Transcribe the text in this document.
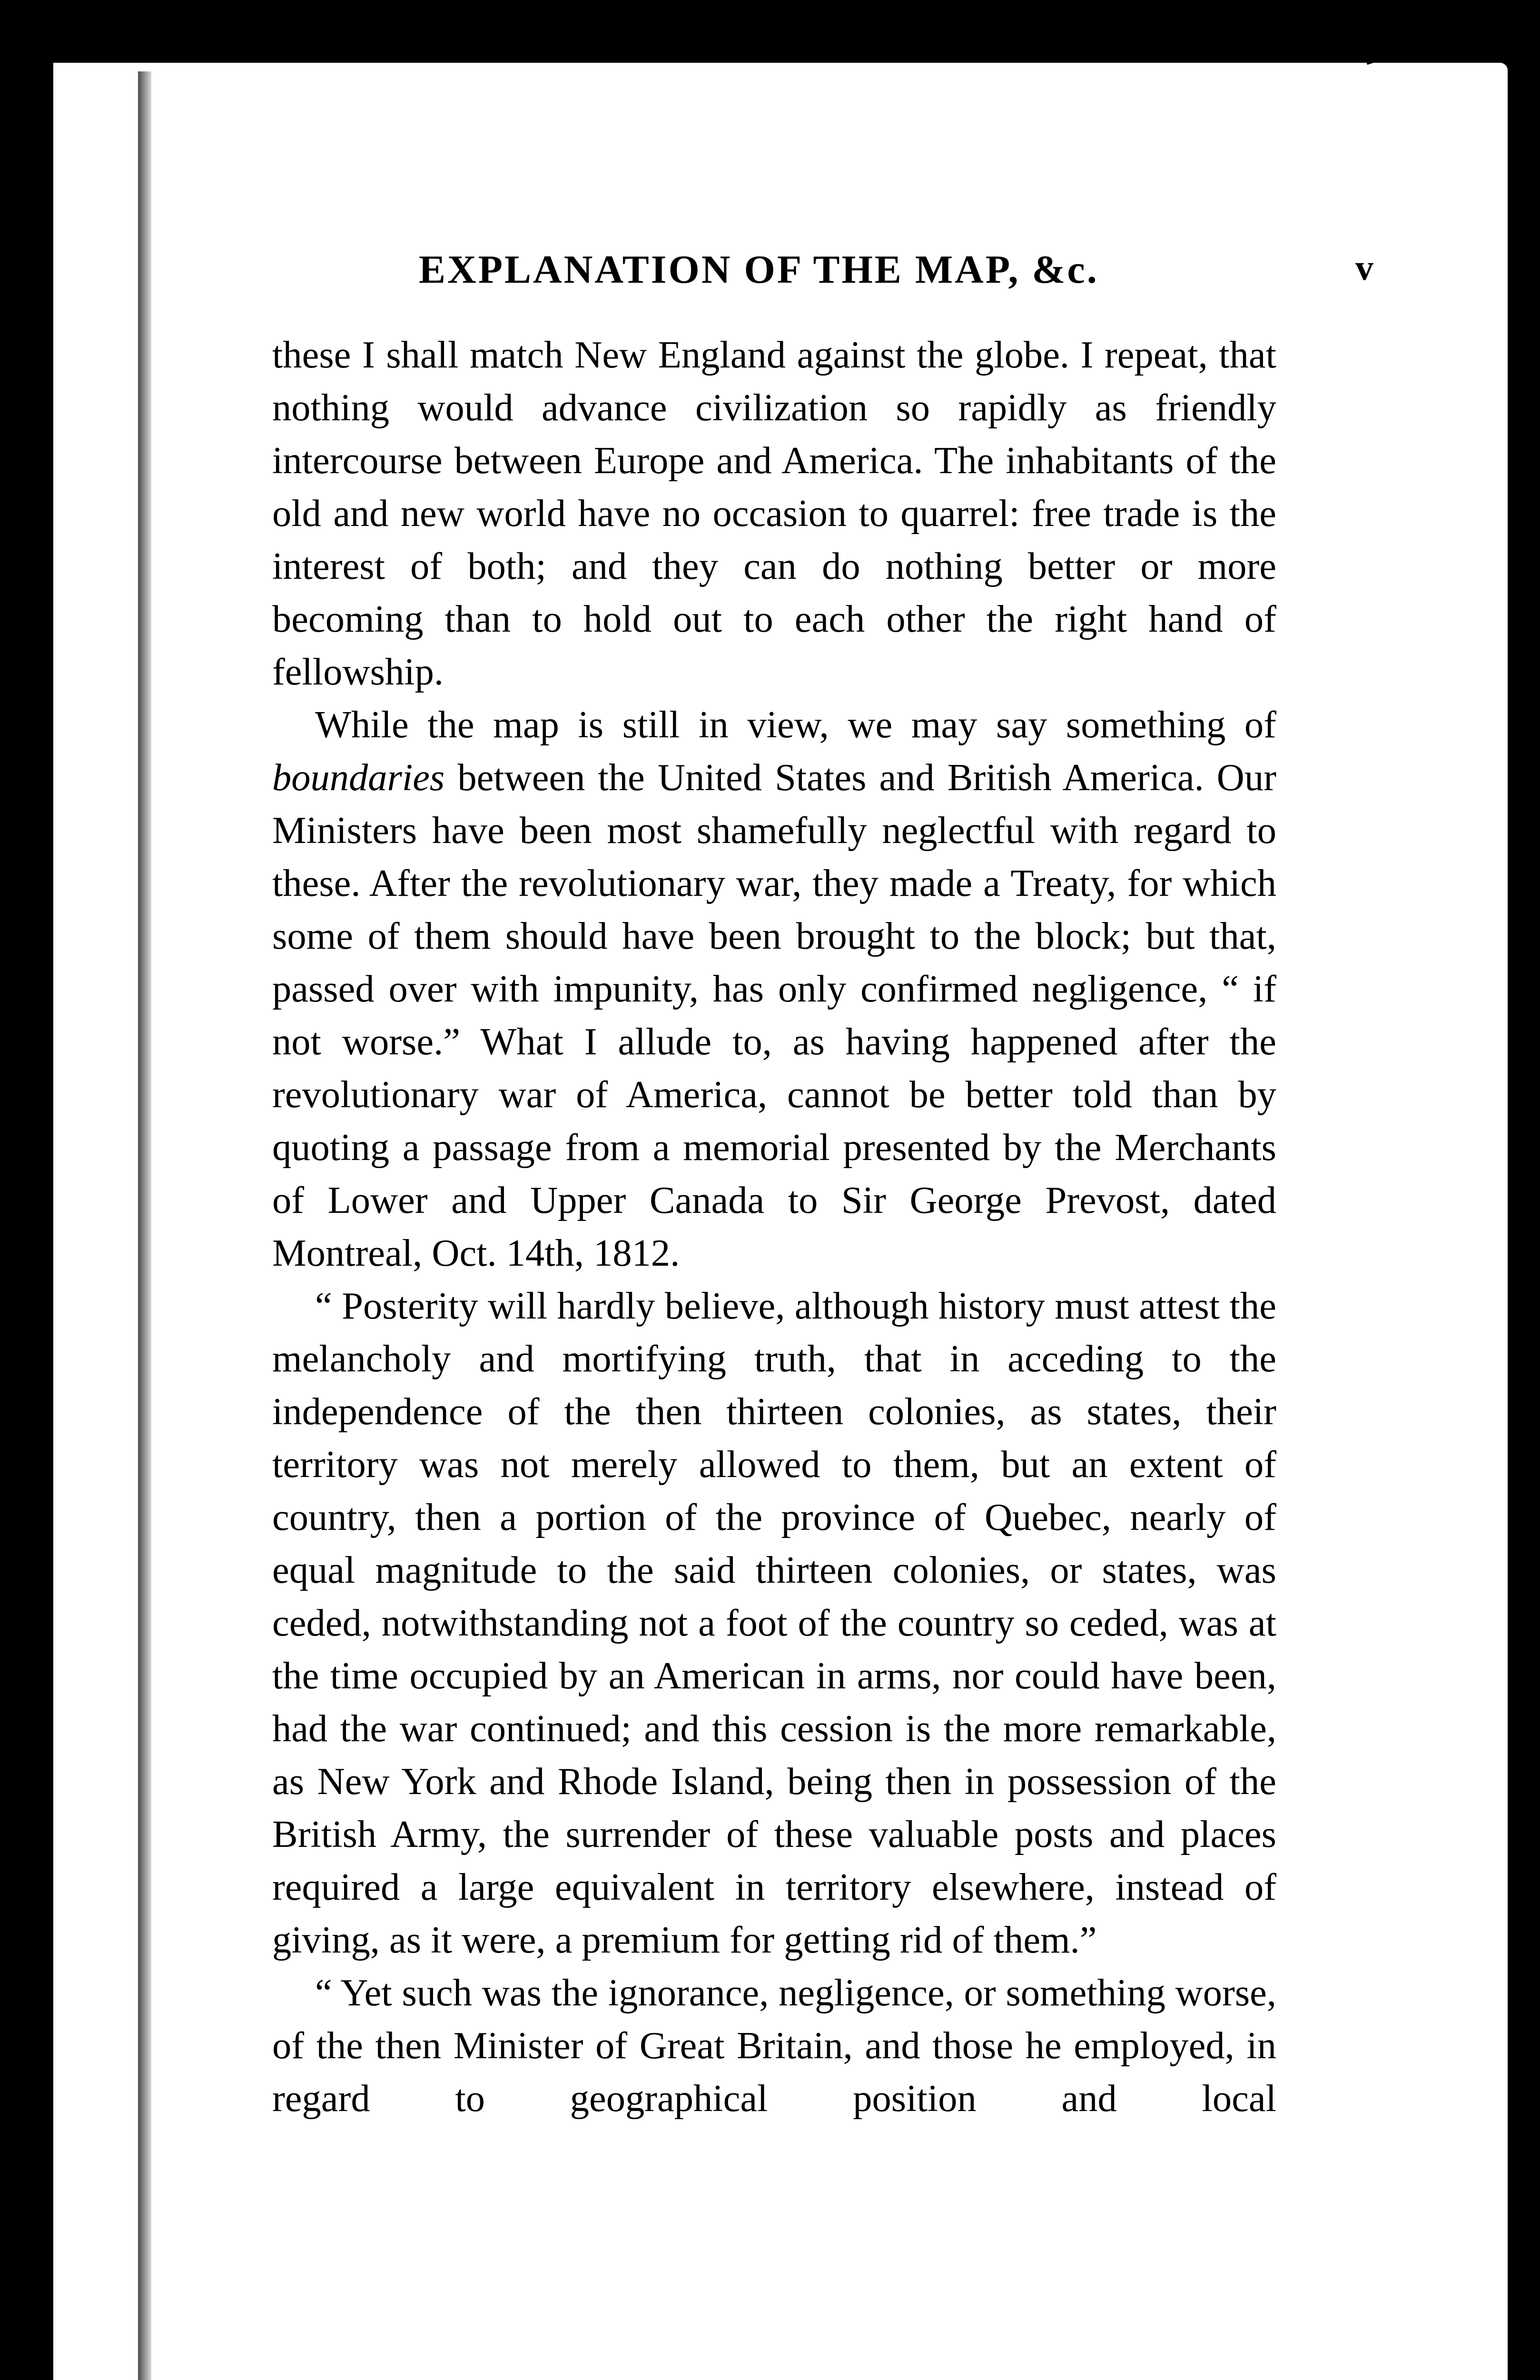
EXPLANATION OF THE MAP, &c.	v

these I shall match New England against the globe. I repeat, that nothing would advance civilization so rapidly as friendly intercourse between Europe and America. The inhabitants of the old and new world have no occasion to quarrel: free trade is the interest of both; and they can do nothing better or more becoming than to hold out to each other the right hand of fellowship.

While the map is still in view, we may say something of boundaries between the United States and British America. Our Ministers have been most shamefully neglectful with regard to these. After the revolutionary war, they made a Treaty, for which some of them should have been brought to the block; but that, passed over with impunity, has only confirmed negligence, “ if not worse.” What I allude to, as having happened after the revolutionary war of America, cannot be better told than by quoting a passage from a memorial presented by the Merchants of Lower and Upper Canada to Sir George Prevost, dated Montreal, Oct. 14th, 1812.

“ Posterity will hardly believe, although history must attest the melancholy and mortifying truth, that in acceding to the independence of the then thirteen colonies, as states, their territory was not merely allowed to them, but an extent of country, then a portion of the province of Quebec, nearly of equal magnitude to the said thirteen colonies, or states, was ceded, notwithstanding not a foot of the country so ceded, was at the time occupied by an American in arms, nor could have been, had the war continued; and this cession is the more remarkable, as New York and Rhode Island, being then in possession of the British Army, the surrender of these valuable posts and places required a large equivalent in territory elsewhere, instead of giving, as it were, a premium for getting rid of them.”

“ Yet such was the ignorance, negligence, or something worse, of the then Minister of Great Britain, and those he employed, in regard to geographical position and local
